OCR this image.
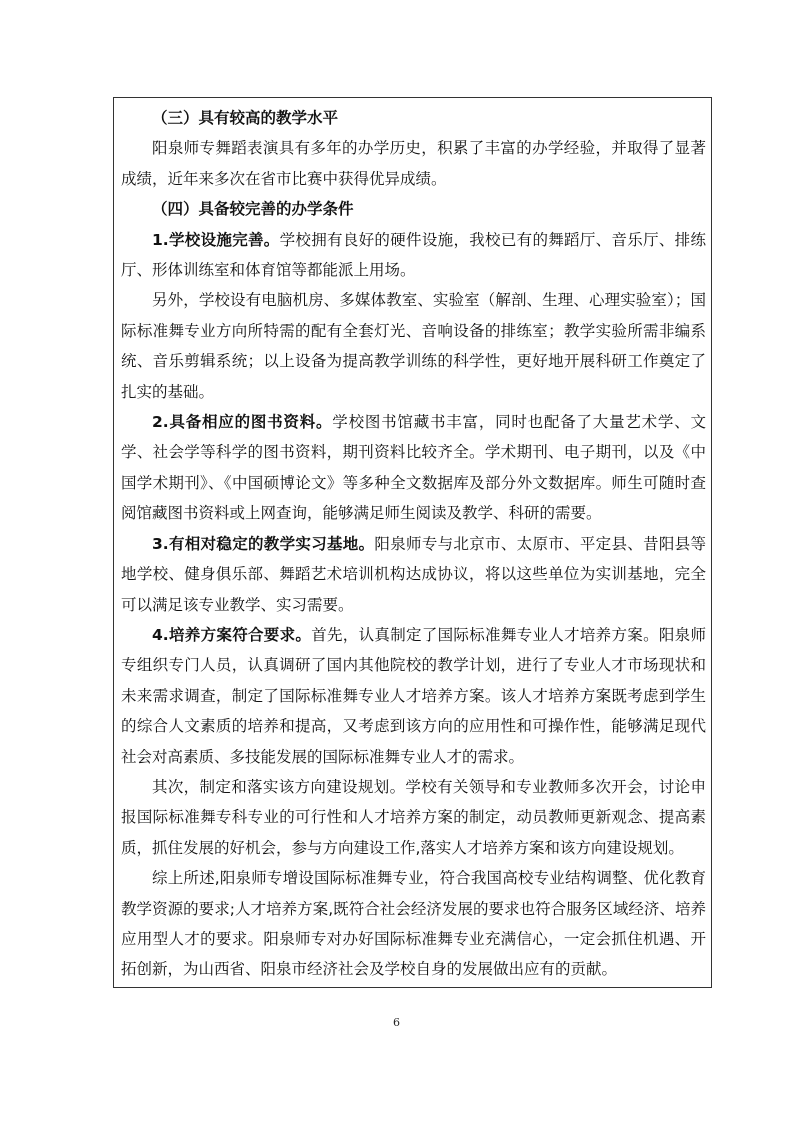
（三）具有较高的教学水平

阳泉师专舞蹈表演具有多年的办学历史，积累了丰富的办学经验，并取得了显著成绩，近年来多次在省市比赛中获得优异成绩。

（四）具备较完善的办学条件

1.学校设施完善。学校拥有良好的硬件设施，我校已有的舞蹈厅、音乐厅、排练厅、形体训练室和体育馆等都能派上用场。

另外，学校设有电脑机房、多媒体教室、实验室（解剖、生理、心理实验室）；国际标准舞专业方向所特需的配有全套灯光、音响设备的排练室；教学实验所需非编系统、音乐剪辑系统；以上设备为提高教学训练的科学性，更好地开展科研工作奠定了扎实的基础。

2.具备相应的图书资料。学校图书馆藏书丰富，同时也配备了大量艺术学、文学、社会学等科学的图书资料，期刊资料比较齐全。学术期刊、电子期刊，以及《中国学术期刊》、《中国硕博论文》等多种全文数据库及部分外文数据库。师生可随时查阅馆藏图书资料或上网查询，能够满足师生阅读及教学、科研的需要。

3.有相对稳定的教学实习基地。阳泉师专与北京市、太原市、平定县、昔阳县等地学校、健身俱乐部、舞蹈艺术培训机构达成协议，将以这些单位为实训基地，完全可以满足该专业教学、实习需要。

4.培养方案符合要求。首先，认真制定了国际标准舞专业人才培养方案。阳泉师专组织专门人员，认真调研了国内其他院校的教学计划，进行了专业人才市场现状和未来需求调查，制定了国际标准舞专业人才培养方案。该人才培养方案既考虑到学生的综合人文素质的培养和提高，又考虑到该方向的应用性和可操作性，能够满足现代社会对高素质、多技能发展的国际标准舞专业人才的需求。

其次，制定和落实该方向建设规划。学校有关领导和专业教师多次开会，讨论申报国际标准舞专科专业的可行性和人才培养方案的制定，动员教师更新观念、提高素质，抓住发展的好机会，参与方向建设工作,落实人才培养方案和该方向建设规划。

综上所述,阳泉师专增设国际标准舞专业，符合我国高校专业结构调整、优化教育教学资源的要求;人才培养方案,既符合社会经济发展的要求也符合服务区域经济、培养应用型人才的要求。阳泉师专对办好国际标准舞专业充满信心，一定会抓住机遇、开拓创新，为山西省、阳泉市经济社会及学校自身的发展做出应有的贡献。

6
